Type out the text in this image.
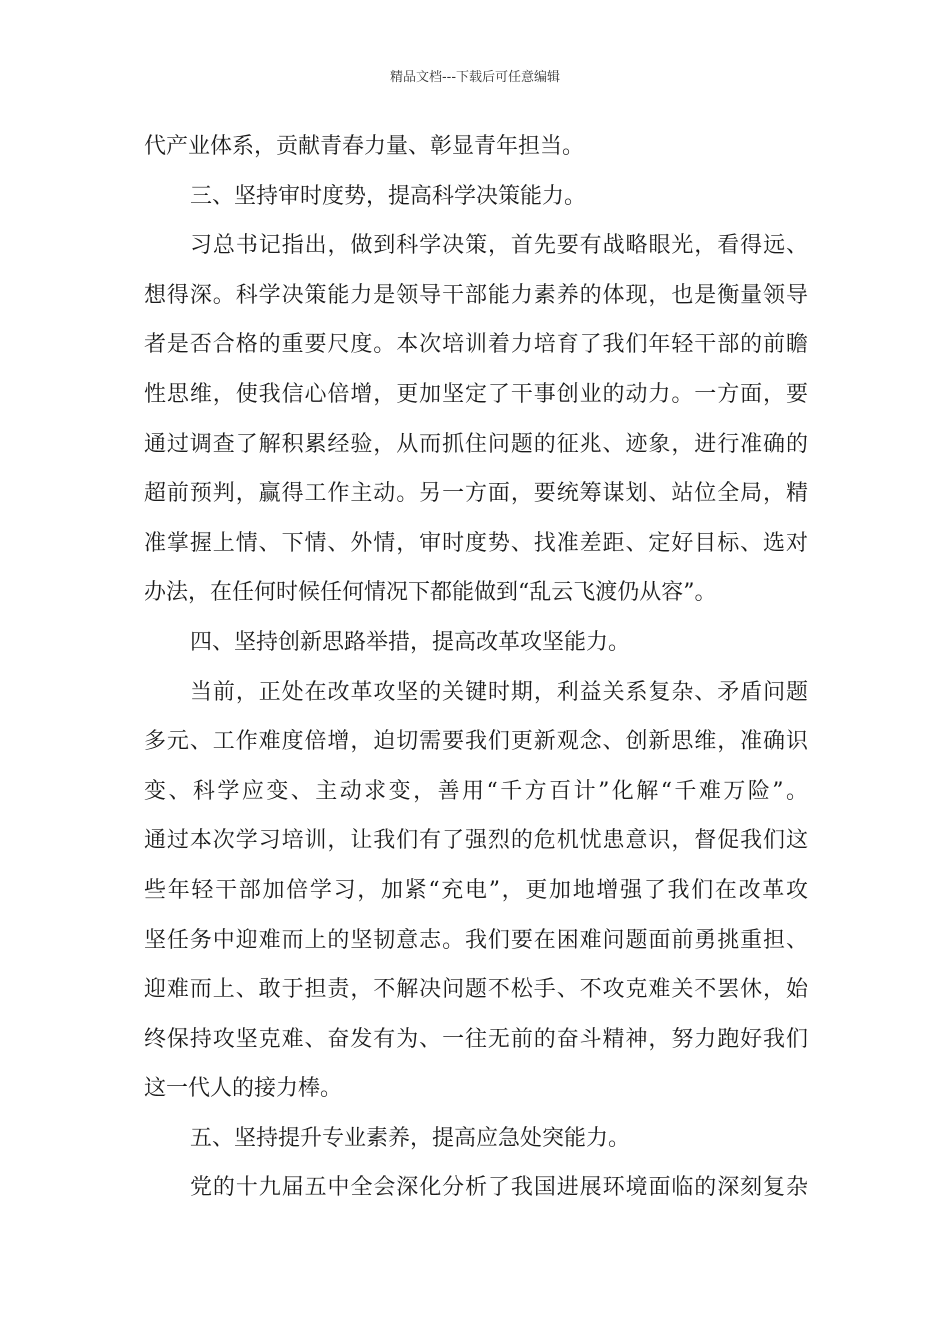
精品文档---下载后可任意编辑
代产业体系，贡献青春力量、彰显青年担当。
三、坚持审时度势，提高科学决策能力。
习总书记指出，做到科学决策，首先要有战略眼光，看得远、
想得深。科学决策能力是领导干部能力素养的体现，也是衡量领导
者是否合格的重要尺度。本次培训着力培育了我们年轻干部的前瞻
性思维，使我信心倍增，更加坚定了干事创业的动力。一方面，要
通过调查了解积累经验，从而抓住问题的征兆、迹象，进行准确的
超前预判，赢得工作主动。另一方面，要统筹谋划、站位全局，精
准掌握上情、下情、外情，审时度势、找准差距、定好目标、选对
办法，在任何时候任何情况下都能做到“乱云飞渡仍从容”。
四、坚持创新思路举措，提高改革攻坚能力。
当前，正处在改革攻坚的关键时期，利益关系复杂、矛盾问题
多元、工作难度倍增，迫切需要我们更新观念、创新思维，准确识
变、科学应变、主动求变，善用“千方百计”化解“千难万险”。
通过本次学习培训，让我们有了强烈的危机忧患意识，督促我们这
些年轻干部加倍学习，加紧“充电”，更加地增强了我们在改革攻
坚任务中迎难而上的坚韧意志。我们要在困难问题面前勇挑重担、
迎难而上、敢于担责，不解决问题不松手、不攻克难关不罢休，始
终保持攻坚克难、奋发有为、一往无前的奋斗精神，努力跑好我们
这一代人的接力棒。
五、坚持提升专业素养，提高应急处突能力。
党的十九届五中全会深化分析了我国进展环境面临的深刻复杂
